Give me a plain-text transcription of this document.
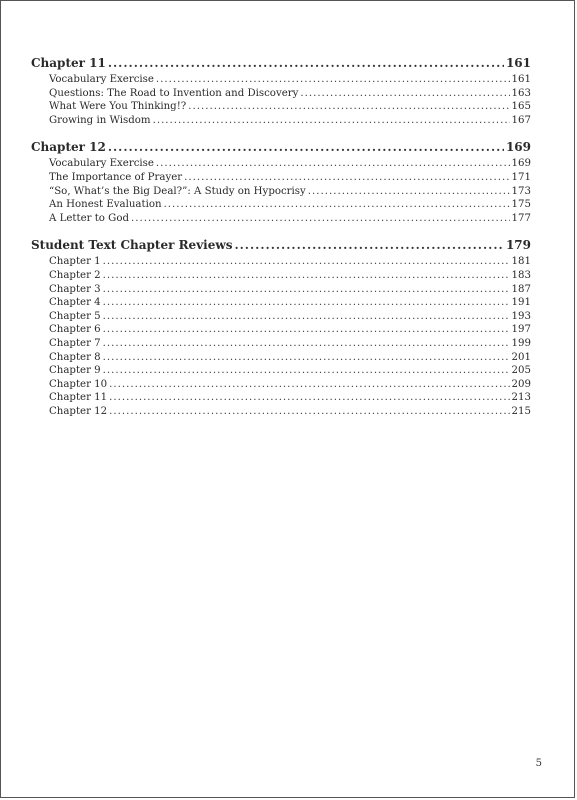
Chapter 11 .....	161
Vocabulary Exercise .....	161
Questions: The Road to Invention and Discovery .....	163
What Were You Thinking!? .....	165
Growing in Wisdom .....	167
Chapter 12 .....	169
Vocabulary Exercise .....	169
The Importance of Prayer .....	171
“So, What’s the Big Deal?”: A Study on Hypocrisy .....	173
An Honest Evaluation .....	175
A Letter to God .....	177
Student Text Chapter Reviews .....	179
Chapter 1 .....	181
Chapter 2 .....	183
Chapter 3 .....	187
Chapter 4 .....	191
Chapter 5 .....	193
Chapter 6 .....	197
Chapter 7 .....	199
Chapter 8 .....	201
Chapter 9 .....	205
Chapter 10 .....	209
Chapter 11 .....	213
Chapter 12 .....	215
5
